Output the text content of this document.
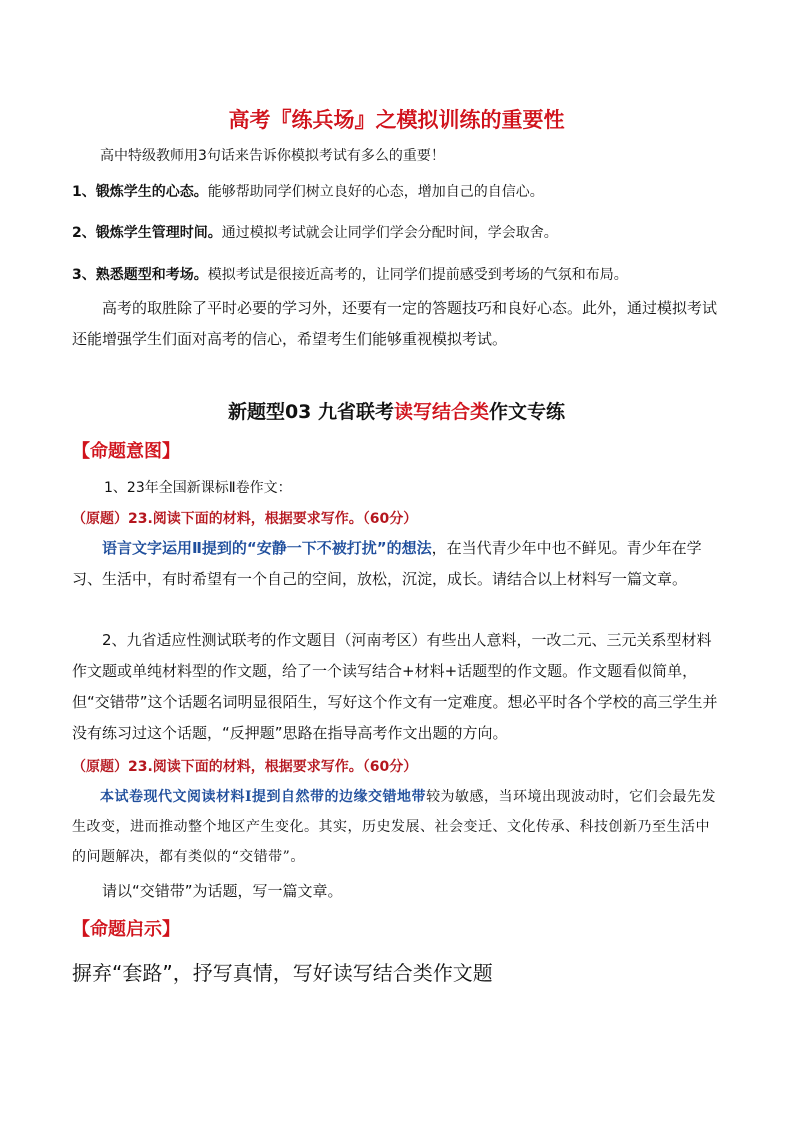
高考『练兵场』之模拟训练的重要性
高中特级教师用3句话来告诉你模拟考试有多么的重要！
1、锻炼学生的心态。能够帮助同学们树立良好的心态，增加自己的自信心。
2、锻炼学生管理时间。通过模拟考试就会让同学们学会分配时间，学会取舍。
3、熟悉题型和考场。模拟考试是很接近高考的，让同学们提前感受到考场的气氛和布局。

高考的取胜除了平时必要的学习外，还要有一定的答题技巧和良好心态。此外，通过模拟考试还能增强学生们面对高考的信心，希望考生们能够重视模拟考试。

新题型03 九省联考读写结合类作文专练
【命题意图】
1、23年全国新课标Ⅱ卷作文：
（原题）23.阅读下面的材料，根据要求写作。（60分）

语言文字运用Ⅱ提到的“安静一下不被打扰”的想法，在当代青少年中也不鲜见。青少年在学习、生活中，有时希望有一个自己的空间，放松，沉淀，成长。请结合以上材料写一篇文章。

2、九省适应性测试联考的作文题目（河南考区）有些出人意料，一改二元、三元关系型材料作文题或单纯材料型的作文题，给了一个读写结合+材料+话题型的作文题。作文题看似简单，但“交错带”这个话题名词明显很陌生，写好这个作文有一定难度。想必平时各个学校的高三学生并没有练习过这个话题，“反押题”思路在指导高考作文出题的方向。

（原题）23.阅读下面的材料，根据要求写作。（60分）

本试卷现代文阅读材料Ⅰ提到自然带的边缘交错地带较为敏感，当环境出现波动时，它们会最先发生改变，进而推动整个地区产生变化。其实，历史发展、社会变迁、文化传承、科技创新乃至生活中的问题解决，都有类似的“交错带”。

请以“交错带”为话题，写一篇文章。

【命题启示】
摒弃“套路”，抒写真情，写好读写结合类作文题
